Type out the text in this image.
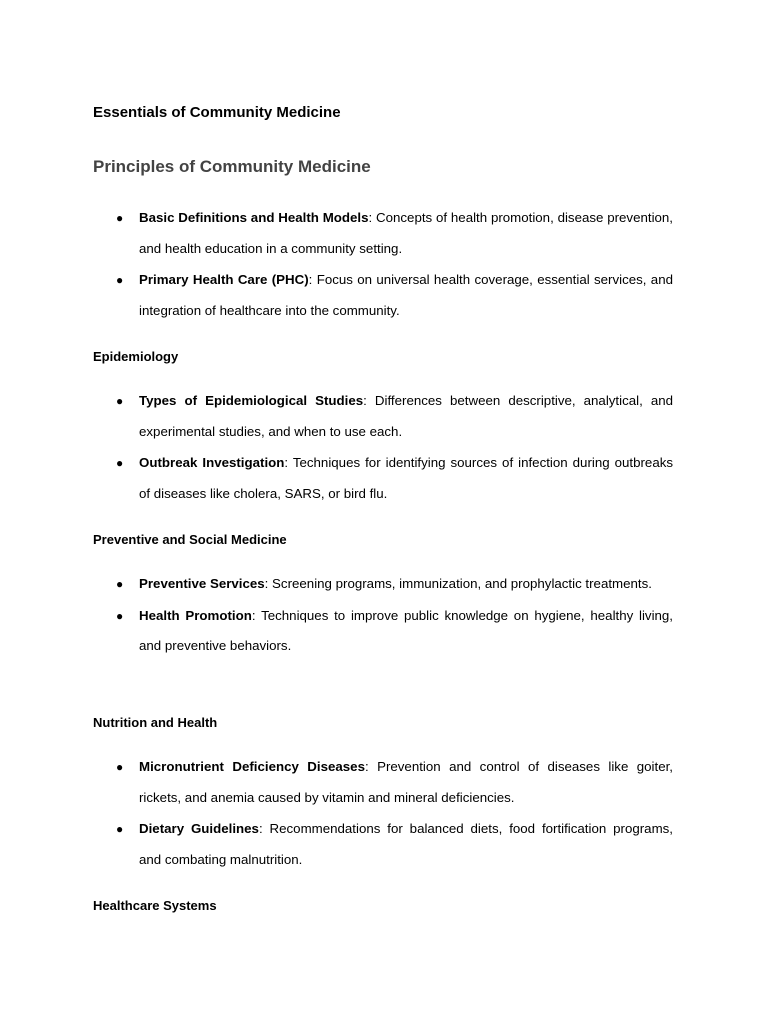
Essentials of Community Medicine
Principles of Community Medicine
● Basic Definitions and Health Models: Concepts of health promotion, disease prevention, and health education in a community setting.
● Primary Health Care (PHC): Focus on universal health coverage, essential services, and integration of healthcare into the community.
Epidemiology
● Types of Epidemiological Studies: Differences between descriptive, analytical, and experimental studies, and when to use each.
● Outbreak Investigation: Techniques for identifying sources of infection during outbreaks of diseases like cholera, SARS, or bird flu.
Preventive and Social Medicine
● Preventive Services: Screening programs, immunization, and prophylactic treatments.
● Health Promotion: Techniques to improve public knowledge on hygiene, healthy living, and preventive behaviors.
Nutrition and Health
● Micronutrient Deficiency Diseases: Prevention and control of diseases like goiter, rickets, and anemia caused by vitamin and mineral deficiencies.
● Dietary Guidelines: Recommendations for balanced diets, food fortification programs, and combating malnutrition.
Healthcare Systems
